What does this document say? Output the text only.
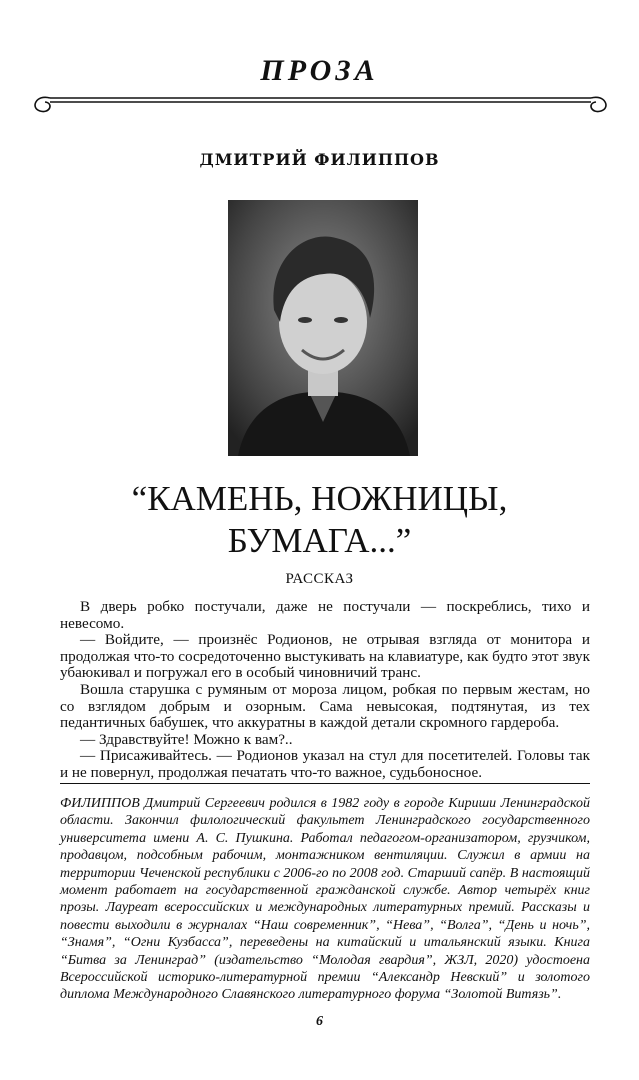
ПРОЗА
ДМИТРИЙ ФИЛИППОВ
“КАМЕНЬ, НОЖНИЦЫ,
БУМАГА...”

РАССКАЗ

В дверь робко постучали, даже не постучали — поскреблись, тихо и невесомо.

— Войдите, — произнёс Родионов, не отрывая взгляда от монитора и продолжая что-то сосредоточенно выстукивать на клавиатуре, как будто этот звук убаюкивал и погружал его в особый чиновничий транс.

Вошла старушка с румяным от мороза лицом, робкая по первым жестам, но со взглядом добрым и озорным. Сама невысокая, подтянутая, из тех педантичных бабушек, что аккуратны в каждой детали скромного гардероба.

— Здравствуйте! Можно к вам?..

— Присаживайтесь. — Родионов указал на стул для посетителей. Головы так и не повернул, продолжая печатать что-то важное, судьбоносное.

ФИЛИППОВ Дмитрий Сергеевич родился в 1982 году в городе Кириши Ленинградской области. Закончил филологический факультет Ленинградского государственного университета имени А. С. Пушкина. Работал педагогом-организатором, грузчиком, продавцом, подсобным рабочим, монтажником вентиляции. Служил в армии на территории Чеченской республики с 2006-го по 2008 год. Старший сапёр. В настоящий момент работает на государственной гражданской службе. Автор четырёх книг прозы. Лауреат всероссийских и международных литературных премий. Рассказы и повести выходили в журналах “Наш современник”, “Нева”, “Волга”, “День и ночь”, “Знамя”, “Огни Кузбасса”, переведены на китайский и итальянский языки. Книга “Битва за Ленинград” (издательство “Молодая гвардия”, ЖЗЛ, 2020) удостоена Всероссийской историко-литературной премии “Александр Невский” и золотого диплома Международного Славянского литературного форума “Золотой Витязь”.

6
